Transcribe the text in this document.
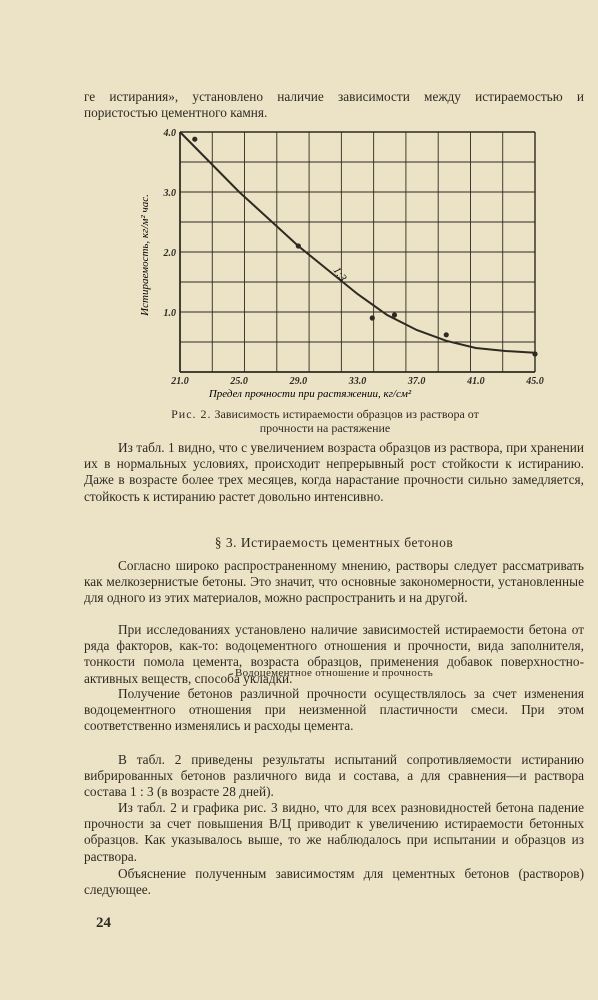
ге истирания», установлено наличие зависимости между истираемостью и пористостью цементного камня.

21.0	25.0	29.0	33.0	37.0	41.0	45.0
1.0
2.0
3.0
4.0
Предел прочности при растяжении, кг/см²
Истираемость, кг/м² час.	1:3
Рис. 2. Зависимость истираемости образцов из раствора от прочности на растяжение

Из табл. 1 видно, что с увеличением возраста образцов из раствора, при хранении их в нормальных условиях, происходит непрерывный рост стойкости к истиранию. Даже в возрасте более трех месяцев, когда нарастание прочности сильно замедляется, стойкость к истиранию растет довольно интенсивно.

§ 3. Истираемость цементных бетонов

Согласно широко распространенному мнению, растворы следует рассматривать как мелкозернистые бетоны. Это значит, что основные закономерности, установленные для одного из этих материалов, можно распространить и на другой.

При исследованиях установлено наличие зависимостей истираемости бетона от ряда факторов, как-то: водоцементного отношения и прочности, вида заполнителя, тонкости помола цемента, возраста образцов, применения добавок поверхностно-активных веществ, способа укладки.

Водоцементное отношение и прочность

Получение бетонов различной прочности осуществлялось за счет изменения водоцементного отношения при неизменной пластичности смеси. При этом соответственно изменялись и расходы цемента.

В табл. 2 приведены результаты испытаний сопротивляемости истиранию вибрированных бетонов различного вида и состава, а для сравнения—и раствора состава 1 : 3 (в возрасте 28 дней).

Из табл. 2 и графика рис. 3 видно, что для всех разновидностей бетона падение прочности за счет повышения В/Ц приводит к увеличению истираемости бетонных образцов. Как указывалось выше, то же наблюдалось при испытании и образцов из раствора.

Объяснение полученным зависимостям для цементных бетонов (растворов) следующее.

24
